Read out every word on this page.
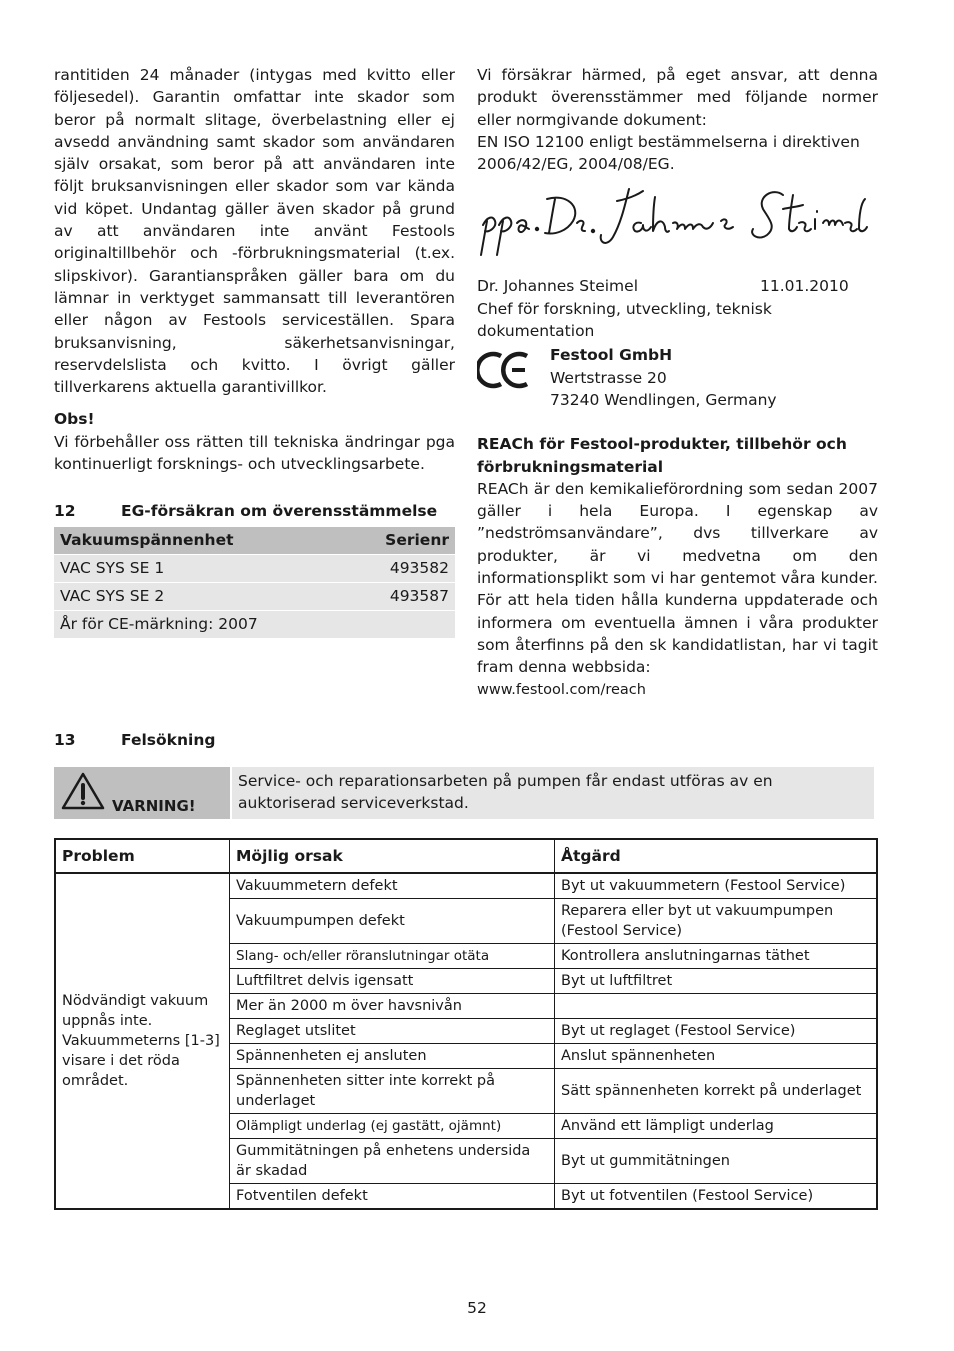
rantitiden 24 månader (intygas med kvitto eller följesedel). Garantin omfattar inte skador som beror på normalt slitage, överbelastning eller ej avsedd användning samt skador som användaren själv orsakat, som beror på att användaren inte följt bruksanvisningen eller skador som var kända vid köpet. Undantag gäller även skador på grund av att användaren inte använt Festools originaltillbehör och -förbrukningsmaterial (t.ex. slipskivor). Garantianspråken gäller bara om du lämnar in verktyget sammansatt till leverantören eller någon av Festools serviceställen. Spara bruksanvisning, säkerhetsanvisningar, reservdelslista och kvitto. I övrigt gäller tillverkarens aktuella garantivillkor.

Obs!

Vi förbehåller oss rätten till tekniska ändringar pga kontinuerligt forsknings- och utvecklingsarbete.

12	EG-försäkran om överensstämmelse
Vakuumspännenhet	Serienr
VAC SYS SE 1	493582
VAC SYS SE 2	493587
År för CE-märkning: 2007	

Vi försäkrar härmed, på eget ansvar, att denna produkt överensstämmer med följande normer eller normgivande dokument:

EN ISO 12100 enligt bestämmelserna i direktiven 2006/42/EG, 2004/08/EG.

Dr. Johannes Steimel	11.01.2010

Chef för forskning, utveckling, teknisk dokumentation

Festool GmbH

Wertstrasse 20

73240 Wendlingen, Germany

REACh för Festool-produkter, tillbehör och förbrukningsmaterial

REACh är den kemikalieförordning som sedan 2007 gäller i hela Europa. I egenskap av ”nedströmsanvändare”, dvs tillverkare av produkter, är vi medvetna om den informationsplikt som vi har gentemot våra kunder. För att hela tiden hålla kunderna uppdaterade och informera om eventuella ämnen i våra produkter som återfinns på den sk kandidatlistan, har vi tagit fram denna webbsida:

www.festool.com/reach

13	Felsökning
VARNING!
Service- och reparationsarbeten på pumpen får endast utföras av en auktoriserad serviceverkstad.
Problem	Möjlig orsak	Åtgärd
Nödvändigt vakuum uppnås inte. Vakuummeterns [1-3] visare i det röda området.	Vakuummetern defekt	Byt ut vakuummetern (Festool Service)
	Vakuumpumpen defekt	Reparera eller byt ut vakuumpumpen (Festool Service)
	Slang- och/eller röranslutningar otäta	Kontrollera anslutningarnas täthet
	Luftfiltret delvis igensatt	Byt ut luftfiltret
	Mer än 2000 m över havsnivån	
	Reglaget utslitet	Byt ut reglaget (Festool Service)
	Spännenheten ej ansluten	Anslut spännenheten
	Spännenheten sitter inte korrekt på underlaget	Sätt spännenheten korrekt på underlaget
	Olämpligt underlag (ej gastätt, ojämnt)	Använd ett lämpligt underlag
	Gummitätningen på enhetens undersida är skadad	Byt ut gummitätningen
	Fotventilen defekt	Byt ut fotventilen (Festool Service)
52
